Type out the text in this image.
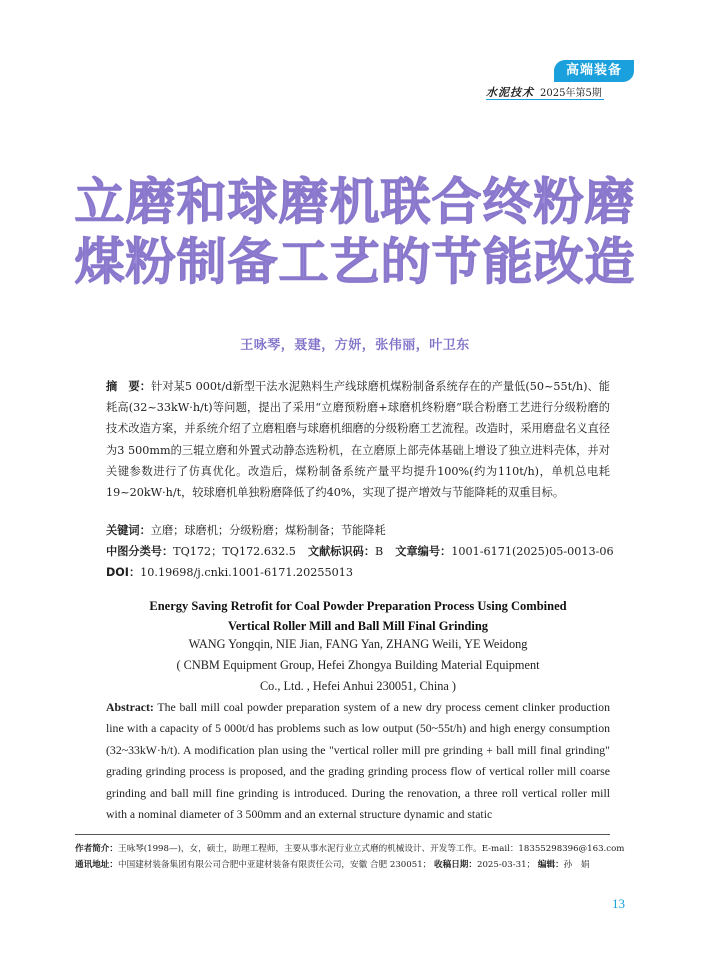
高端装备
水泥技术 2025年第5期
立磨和球磨机联合终粉磨
煤粉制备工艺的节能改造
王咏琴，聂建，方妍，张伟丽，叶卫东
摘　要：针对某5 000t/d新型干法水泥熟料生产线球磨机煤粉制备系统存在的产量低(50~55t/h)、能耗高(32~33kW·h/t)等问题，提出了采用“立磨预粉磨+球磨机终粉磨”联合粉磨工艺进行分级粉磨的技术改造方案，并系统介绍了立磨粗磨与球磨机细磨的分级粉磨工艺流程。改造时，采用磨盘名义直径为3 500mm的三辊立磨和外置式动静态选粉机，在立磨原上部壳体基础上增设了独立进料壳体，并对关键参数进行了仿真优化。改造后，煤粉制备系统产量平均提升100%(约为110t/h)，单机总电耗19~20kW·h/t，较球磨机单独粉磨降低了约40%，实现了提产增效与节能降耗的双重目标。
关键词：立磨；球磨机；分级粉磨；煤粉制备；节能降耗
中图分类号：TQ172；TQ172.632.5 文献标识码：B 文章编号：1001-6171(2025)05-0013-06
DOI：10.19698/j.cnki.1001-6171.20255013
Energy Saving Retrofit for Coal Powder Preparation Process Using Combined
Vertical Roller Mill and Ball Mill Final Grinding
WANG Yongqin, NIE Jian, FANG Yan, ZHANG Weili, YE Weidong
( CNBM Equipment Group, Hefei Zhongya Building Material Equipment
Co., Ltd. , Hefei Anhui 230051, China )
Abstract: The ball mill coal powder preparation system of a new dry process cement clinker production line with a capacity of 5 000t/d has problems such as low output (50~55t/h) and high energy consumption (32~33kW·h/t). A modification plan using the "vertical roller mill pre grinding + ball mill final grinding" grading grinding process is proposed, and the grading grinding process flow of vertical roller mill coarse grinding and ball mill fine grinding is introduced. During the renovation, a three roll vertical roller mill with a nominal diameter of 3 500mm and an external structure dynamic and static
作者简介：王咏琴(1998—)，女，硕士，助理工程师，主要从事水泥行业立式磨的机械设计、开发等工作。E-mail：18355298396@163.com
通讯地址：中国建材装备集团有限公司合肥中亚建材装备有限责任公司，安徽 合肥 230051； 收稿日期：2025-03-31； 编辑：孙　娟
13
